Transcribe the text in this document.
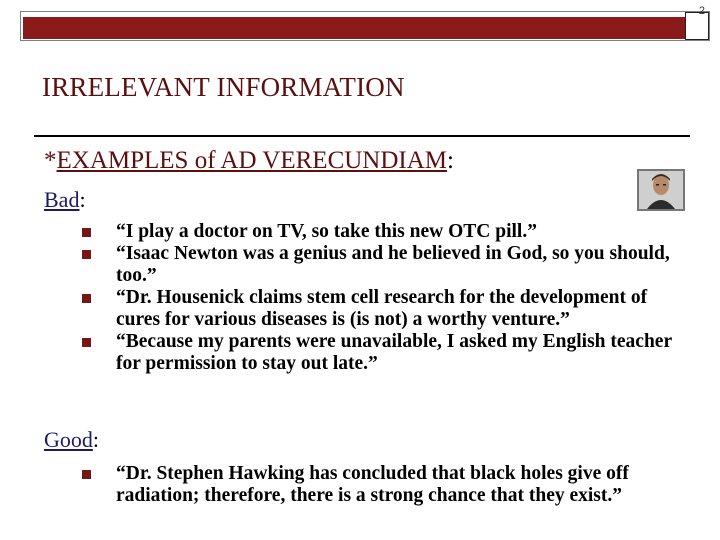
2
IRRELEVANT INFORMATION
*EXAMPLES of AD VERECUNDIAM:
Bad:
“I play a doctor on TV, so take this new OTC pill.”
“Isaac Newton was a genius and he believed in God, so you should, too.”
“Dr. Housenick claims stem cell research for the development of cures for various diseases is (is not) a worthy venture.”
“Because my parents were unavailable, I asked my English teacher for permission to stay out late.”
Good:
“Dr. Stephen Hawking has concluded that black holes give off radiation; therefore, there is a strong chance that they exist.”
